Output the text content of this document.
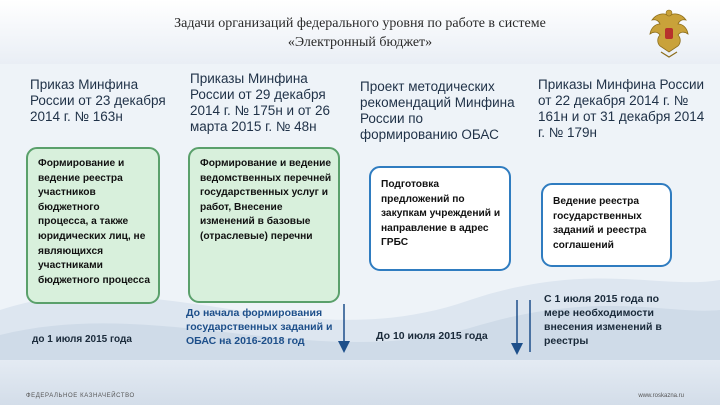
Задачи организаций федерального уровня по работе в системе
«Электронный бюджет»
Приказ Минфина России от 23 декабря 2014 г. № 163н
Формирование и ведение реестра участников бюджетного процесса, а также юридических лиц, не являющихся участниками бюджетного процесса
до 1 июля 2015 года
Приказы Минфина России от 29 декабря 2014 г. № 175н и от 26 марта 2015 г. № 48н
Формирование и ведение ведомственных перечней государственных услуг и работ, Внесение изменений в базовые (отраслевые) перечни
До начала формирования государственных заданий и ОБАС на 2016-2018 год
Проект методических рекомендаций Минфина России по формированию ОБАС
Подготовка предложений по закупкам учреждений и направление в адрес ГРБС
До 10 июля 2015 года
Приказы Минфина России от 22 декабря 2014 г. № 161н и от 31 декабря 2014 г. № 179н
Ведение реестра государственных заданий и реестра соглашений
С 1 июля 2015 года по мере необходимости внесения изменений в реестры
ФЕДЕРАЛЬНОЕ КАЗНАЧЕЙСТВО	www.roskazna.ru
